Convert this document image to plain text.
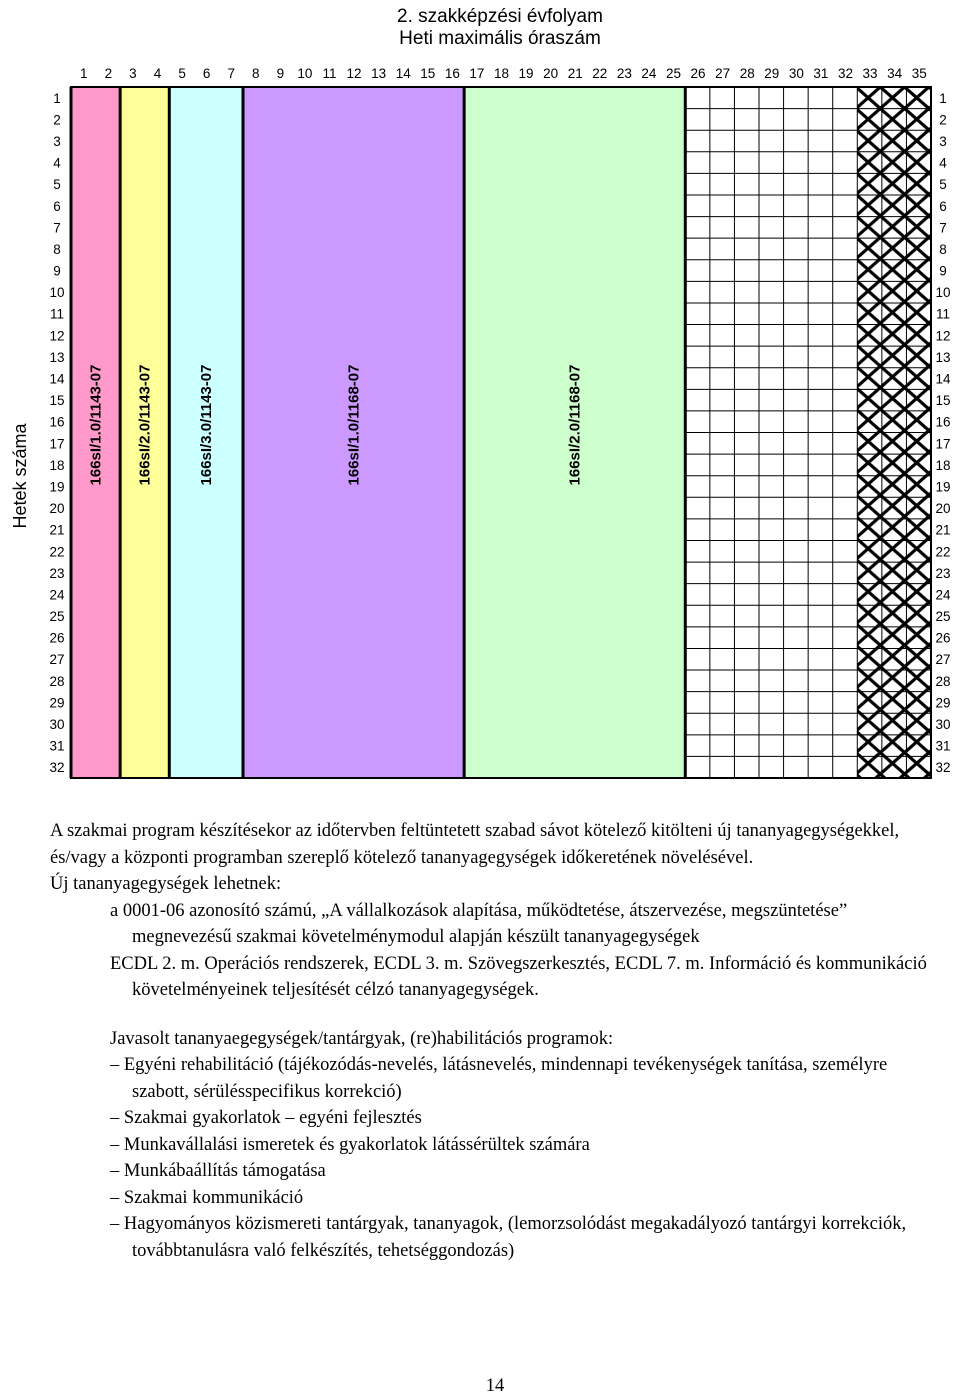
2. szakképzési évfolyam
Heti maximális óraszám
166sI/1.0/1143-07 166sI/2.0/1143-07	166sI/3.0/1143-07	166sI/1.0/1168-07	166sI/2.0/1168-07
1 2 3 4 5 6 7 8 9 10 11 12 13 14 15 16 17 18 19 20 21 22 23 24 25 26 27 28 29 30 31 32 33 34 35
1	1
2	2
3	3
4	4
5	5
6	6
7	7
8	8
9	9
10	10
11	11
12	12
13	13
14	14
15	15
16	16
17	17
18	18
19	19
20	20
21	21
22	22
23	23
24	24
25	25
26	26
27	27
28	28
29	29
30	30
31	31
32	32
Hetek száma

A szakmai program készítésekor az időtervben feltüntetett szabad sávot kötelező kitölteni új tananyagegységekkel, és/vagy a központi programban szereplő kötelező tananyagegységek időkeretének növelésével.

Új tananyagegységek lehetnek:

a 0001-06 azonosító számú, „A vállalkozások alapítása, működtetése, átszervezése, megszüntetése” megnevezésű szakmai követelménymodul alapján készült tananyagegységek

ECDL 2. m. Operációs rendszerek, ECDL 3. m. Szövegszerkesztés, ECDL 7. m. Információ és kommunikáció követelményeinek teljesítését célzó tananyagegységek.

Javasolt tananyaegegységek/tantárgyak, (re)habilitációs programok:

– Egyéni rehabilitáció (tájékozódás-nevelés, látásnevelés, mindennapi tevékenységek tanítása, személyre szabott, sérülésspecifikus korrekció)

– Szakmai gyakorlatok – egyéni fejlesztés

– Munkavállalási ismeretek és gyakorlatok látássérültek számára

– Munkábaállítás támogatása

– Szakmai kommunikáció

– Hagyományos közismereti tantárgyak, tananyagok, (lemorzsolódást megakadályozó tantárgyi korrekciók, továbbtanulásra való felkészítés, tehetséggondozás)

14
